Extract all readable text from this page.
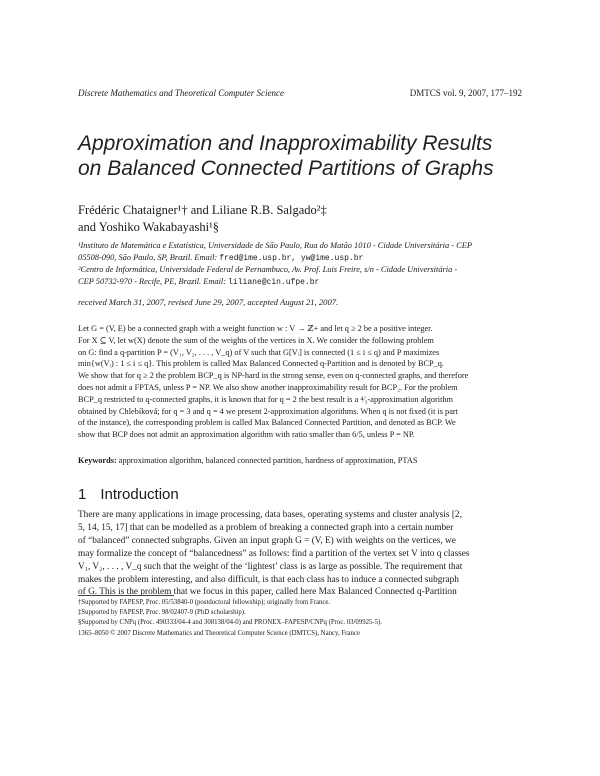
Discrete Mathematics and Theoretical Computer Science	DMTCS vol. 9, 2007, 177–192
Approximation and Inapproximability Results
on Balanced Connected Partitions of Graphs
Frédéric Chataigner¹† and Liliane R.B. Salgado²‡
and Yoshiko Wakabayashi¹§
¹Instituto de Matemática e Estatística, Universidade de São Paulo, Rua do Matão 1010 - Cidade Universitária - CEP
05508-090, São Paulo, SP, Brazil. Email: fred@ime.usp.br, yw@ime.usp.br
²Centro de Informática, Universidade Federal de Pernambuco, Av. Prof. Luis Freire, s/n - Cidade Universitária -
CEP 50732-970 - Recife, PE, Brazil. Email: liliane@cin.ufpe.br
received March 31, 2007, revised June 29, 2007, accepted August 21, 2007.
Let G = (V, E) be a connected graph with a weight function w : V → ℤ+ and let q ≥ 2 be a positive integer.
For X ⊆ V, let w(X) denote the sum of the weights of the vertices in X. We consider the following problem
on G: find a q-partition P = (V₁, V₂, . . . , V_q) of V such that G[Vᵢ] is connected (1 ≤ i ≤ q) and P maximizes
min{w(Vᵢ) : 1 ≤ i ≤ q}. This problem is called Max Balanced Connected q-Partition and is denoted by BCP_q.
We show that for q ≥ 2 the problem BCP_q is NP-hard in the strong sense, even on q-connected graphs, and therefore
does not admit a FPTAS, unless P = NP. We also show another inapproximability result for BCP₂. For the problem
BCP_q restricted to q-connected graphs, it is known that for q = 2 the best result is a ⁴⁄₃-approximation algorithm
obtained by Chlebíková; for q = 3 and q = 4 we present 2-approximation algorithms. When q is not fixed (it is part
of the instance), the corresponding problem is called Max Balanced Connected Partition, and denoted as BCP. We
show that BCP does not admit an approximation algorithm with ratio smaller than 6/5, unless P = NP.
Keywords: approximation algorithm, balanced connected partition, hardness of approximation, PTAS
1 Introduction
There are many applications in image processing, data bases, operating systems and cluster analysis [2,
5, 14, 15, 17] that can be modelled as a problem of breaking a connected graph into a certain number
of “balanced” connected subgraphs. Given an input graph G = (V, E) with weights on the vertices, we
may formalize the concept of “balancedness” as follows: find a partition of the vertex set V into q classes
V₁, V₂, . . . , V_q such that the weight of the ‘lightest’ class is as large as possible. The requirement that
makes the problem interesting, and also difficult, is that each class has to induce a connected subgraph
of G. This is the problem that we focus in this paper, called here Max Balanced Connected q-Partition
†Supported by FAPESP, Proc. 05/53840-0 (postdoctoral fellowship); originally from France.
‡Supported by FAPESP, Proc. 98/02407-9 (PhD scholarship).
§Supported by CNPq (Proc. 490333/04-4 and 308138/04-0) and PRONEX–FAPESP/CNPq (Proc. 03/09925-5).
1365–8050 © 2007 Discrete Mathematics and Theoretical Computer Science (DMTCS), Nancy, France
